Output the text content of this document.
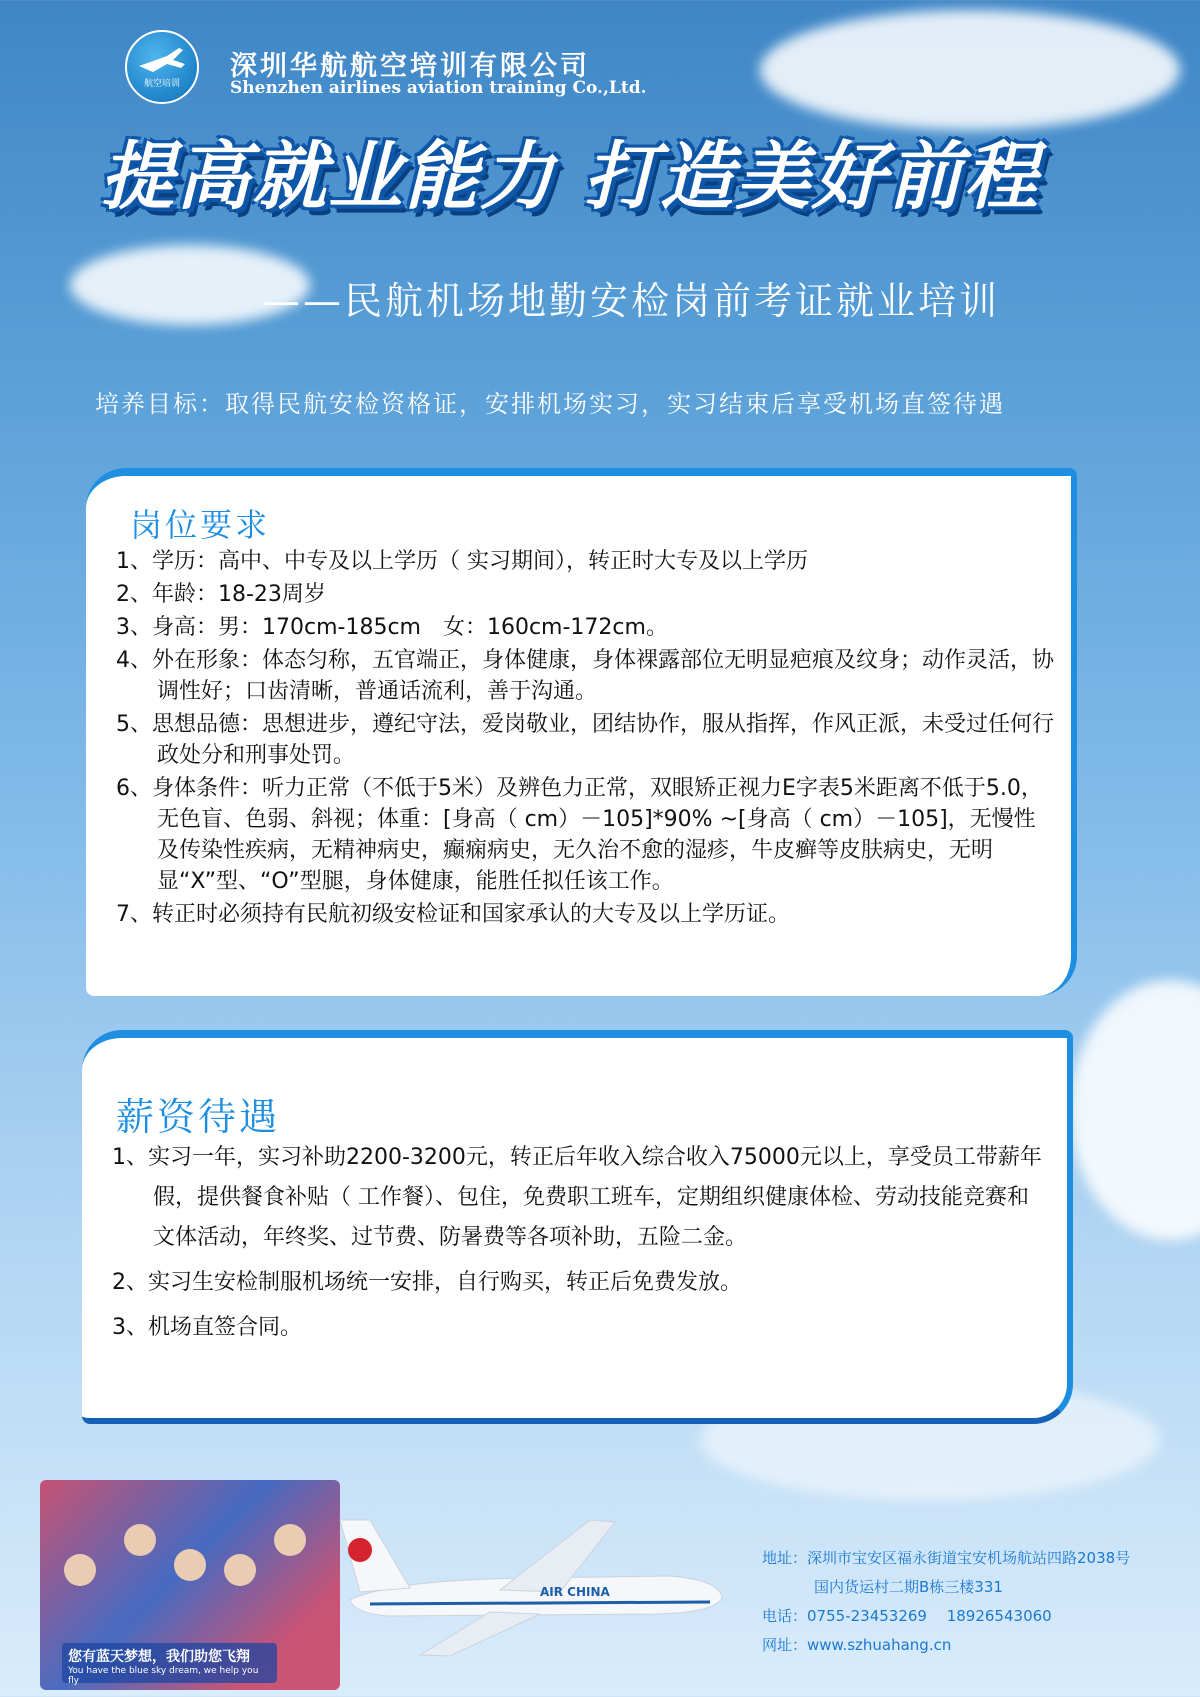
航空培训
深圳华航航空培训有限公司
Shenzhen airlines aviation training Co.,Ltd.
提高就业能力 打造美好前程
——民航机场地勤安检岗前考证就业培训
培养目标：取得民航安检资格证，安排机场实习，实习结束后享受机场直签待遇
岗位要求
1、学历：高中、中专及以上学历（ 实习期间），转正时大专及以上学历
2、年龄：18-23周岁
3、身高：男：170cm-185cm　女：160cm-172cm。
4、外在形象：体态匀称，五官端正，身体健康，身体裸露部位无明显疤痕及纹身；动作灵活，协调性好；口齿清晰，普通话流利，善于沟通。
5、思想品德：思想进步，遵纪守法，爱岗敬业，团结协作，服从指挥，作风正派，未受过任何行政处分和刑事处罚。
6、身体条件：听力正常（不低于5米）及辨色力正常，双眼矫正视力E字表5米距离不低于5.0，无色盲、色弱、斜视；体重：[身高（ cm）－105]*90% ~[身高（ cm）－105]，无慢性及传染性疾病，无精神病史，癫痫病史，无久治不愈的湿疹，牛皮癣等皮肤病史，无明显“X”型、“O”型腿，身体健康，能胜任拟任该工作。
7、转正时必须持有民航初级安检证和国家承认的大专及以上学历证。
薪资待遇
1、实习一年，实习补助2200-3200元，转正后年收入综合收入75000元以上，享受员工带薪年假，提供餐食补贴（ 工作餐）、包住，免费职工班车，定期组织健康体检、劳动技能竞赛和文体活动，年终奖、过节费、防暑费等各项补助，五险二金。
2、实习生安检制服机场统一安排，自行购买，转正后免费发放。
3、机场直签合同。
您有蓝天梦想，我们助您飞翔
You have the blue sky dream, we help you fly
AIR CHINA
地址：深圳市宝安区福永街道宝安机场航站四路2038号
国内货运村二期B栋三楼331
电话：0755-23453269　 18926543060
网址：www.szhuahang.cn
